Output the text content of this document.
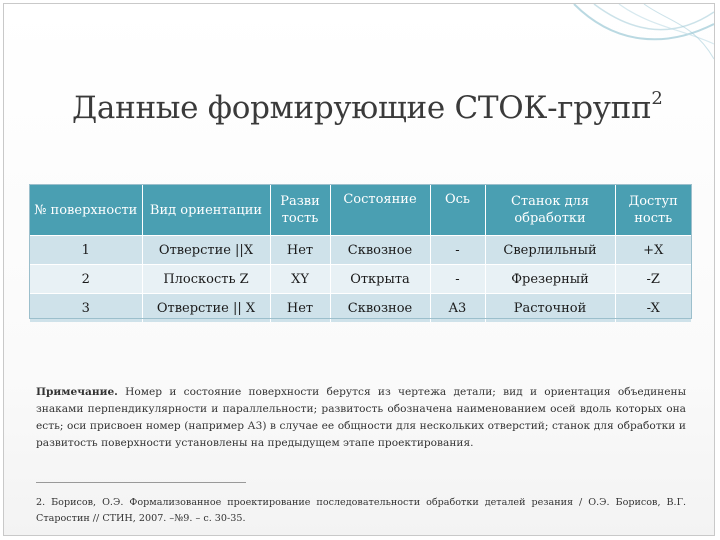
Данные формирующие СТОК-групп$^2$
№ поверхности	Вид ориентации	Разви тость	Состояние	Ось	Станок для обработки	Доступ ность
1	Отверстие ||X	Нет	Сквозное	-	Сверлильный	+X
2	Плоскость Z	XY	Открыта	-	Фрезерный	-Z
3	Отверстие || X	Нет	Сквозное	A3	Расточной	-X
Примечание. Номер и состояние поверхности берутся из чертежа детали; вид и ориентация объединены знаками перпендикулярности и параллельности; развитость обозначена наименованием осей вдоль которых она есть; оси присвоен номер (например А3) в случае ее общности для нескольких отверстий; станок для обработки и развитость поверхности установлены на предыдущем этапе проектирования.
2. Борисов, О.Э. Формализованное проектирование последовательности обработки деталей резания / О.Э. Борисов, В.Г. Старостин // СТИН, 2007. –№9. – с. 30-35.
